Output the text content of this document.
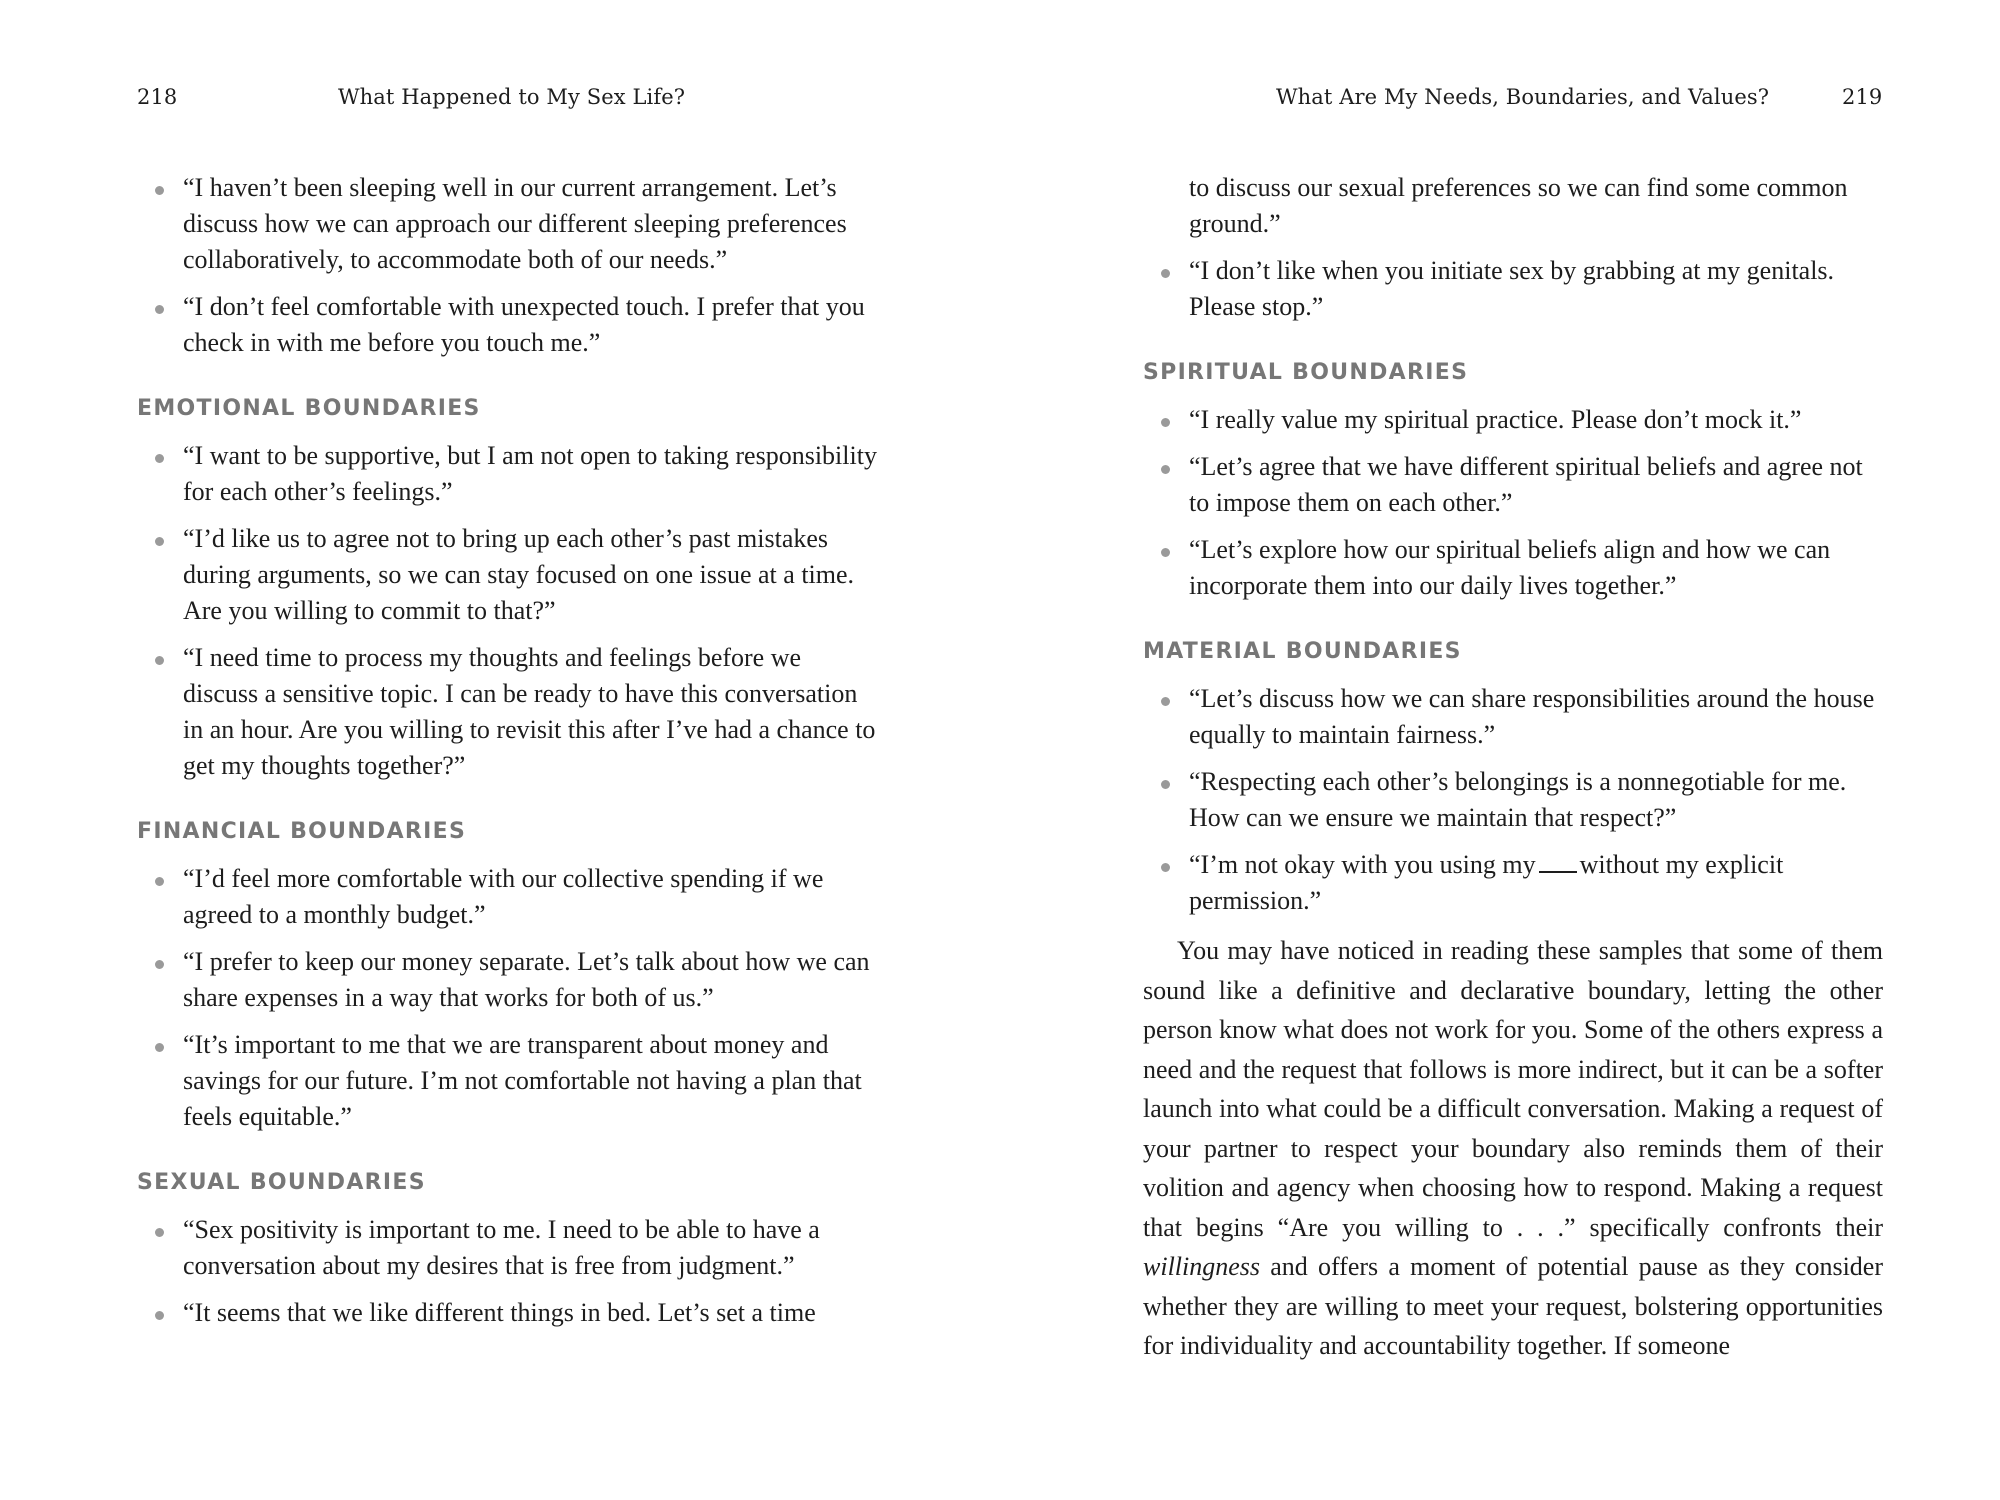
218	What Happened to My Sex Life?
“I haven’t been sleeping well in our current arrangement. Let’s discuss how we can approach our different sleeping preferences collaboratively, to accommodate both of our needs.”
“I don’t feel comfortable with unexpected touch. I prefer that you check in with me before you touch me.”
EMOTIONAL BOUNDARIES
“I want to be supportive, but I am not open to taking responsibility for each other’s feelings.”
“I’d like us to agree not to bring up each other’s past mistakes during arguments, so we can stay focused on one issue at a time. Are you willing to commit to that?”
“I need time to process my thoughts and feelings before we discuss a sensitive topic. I can be ready to have this conversation in an hour. Are you willing to revisit this after I’ve had a chance to get my thoughts together?”
FINANCIAL BOUNDARIES
“I’d feel more comfortable with our collective spending if we agreed to a monthly budget.”
“I prefer to keep our money separate. Let’s talk about how we can share expenses in a way that works for both of us.”
“It’s important to me that we are transparent about money and savings for our future. I’m not comfortable not having a plan that feels equitable.”
SEXUAL BOUNDARIES
“Sex positivity is important to me. I need to be able to have a conversation about my desires that is free from judgment.”
“It seems that we like different things in bed. Let’s set a time
What Are My Needs, Boundaries, and Values?	219
to discuss our sexual preferences so we can find some common ground.”
“I don’t like when you initiate sex by grabbing at my genitals. Please stop.”
SPIRITUAL BOUNDARIES
“I really value my spiritual practice. Please don’t mock it.”
“Let’s agree that we have different spiritual beliefs and agree not to impose them on each other.”
“Let’s explore how our spiritual beliefs align and how we can incorporate them into our daily lives together.”
MATERIAL BOUNDARIES
“Let’s discuss how we can share responsibilities around the house equally to maintain fairness.”
“Respecting each other’s belongings is a nonnegotiable for me. How can we ensure we maintain that respect?”
“I’m not okay with you using my without my explicit permission.”

You may have noticed in reading these samples that some of them sound like a definitive and declarative boundary, letting the other person know what does not work for you. Some of the others express a need and the request that follows is more indirect, but it can be a softer launch into what could be a difficult conversation. Making a request of your partner to respect your boundary also reminds them of their volition and agency when choosing how to respond. Making a request that begins “Are you willing to . . .” specifically confronts their willingness and offers a moment of potential pause as they consider whether they are willing to meet your request, bolstering opportunities for individuality and accountability together. If someone
